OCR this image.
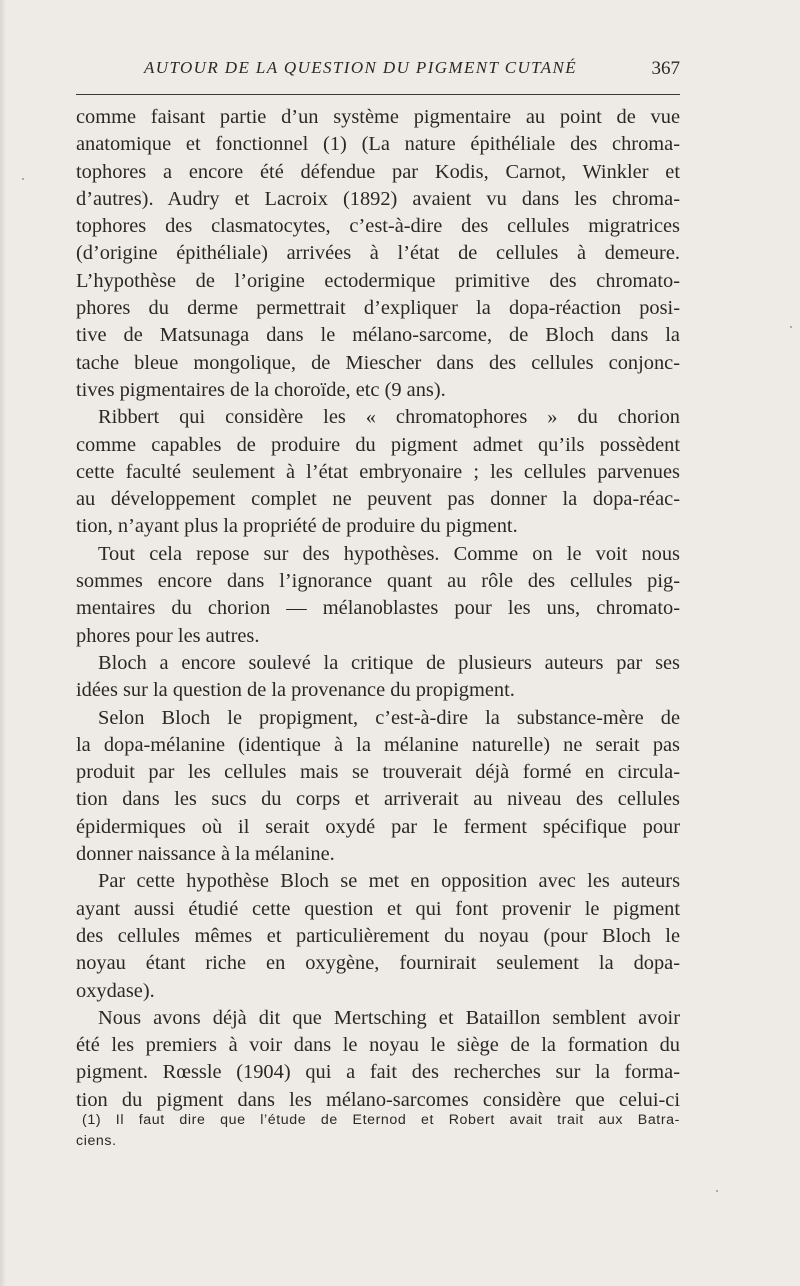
AUTOUR DE LA QUESTION DU PIGMENT CUTANÉ	367
comme faisant partie d’un système pigmentaire au point de vue
anatomique et fonctionnel (1) (La nature épithéliale des chroma-
tophores a encore été défendue par Kodis, Carnot, Winkler et
d’autres). Audry et Lacroix (1892) avaient vu dans les chroma-
tophores des clasmatocytes, c’est-à-dire des cellules migratrices
(d’origine épithéliale) arrivées à l’état de cellules à demeure.
L’hypothèse de l’origine ectodermique primitive des chromato-
phores du derme permettrait d’expliquer la dopa-réaction posi-
tive de Matsunaga dans le mélano-sarcome, de Bloch dans la
tache bleue mongolique, de Miescher dans des cellules conjonc-
tives pigmentaires de la choroïde, etc (9 ans).
Ribbert qui considère les « chromatophores » du chorion
comme capables de produire du pigment admet qu’ils possèdent
cette faculté seulement à l’état embryonaire ; les cellules parvenues
au développement complet ne peuvent pas donner la dopa-réac-
tion, n’ayant plus la propriété de produire du pigment.
Tout cela repose sur des hypothèses. Comme on le voit nous
sommes encore dans l’ignorance quant au rôle des cellules pig-
mentaires du chorion — mélanoblastes pour les uns, chromato-
phores pour les autres.
Bloch a encore soulevé la critique de plusieurs auteurs par ses
idées sur la question de la provenance du propigment.
Selon Bloch le propigment, c’est-à-dire la substance-mère de
la dopa-mélanine (identique à la mélanine naturelle) ne serait pas
produit par les cellules mais se trouverait déjà formé en circula-
tion dans les sucs du corps et arriverait au niveau des cellules
épidermiques où il serait oxydé par le ferment spécifique pour
donner naissance à la mélanine.
Par cette hypothèse Bloch se met en opposition avec les auteurs
ayant aussi étudié cette question et qui font provenir le pigment
des cellules mêmes et particulièrement du noyau (pour Bloch le
noyau étant riche en oxygène, fournirait seulement la dopa-
oxydase).
Nous avons déjà dit que Mertsching et Bataillon semblent avoir
été les premiers à voir dans le noyau le siège de la formation du
pigment. Rœssle (1904) qui a fait des recherches sur la forma-
tion du pigment dans les mélano-sarcomes considère que celui-ci
(1) Il faut dire que l’étude de Eternod et Robert avait trait aux Batra-
ciens.
